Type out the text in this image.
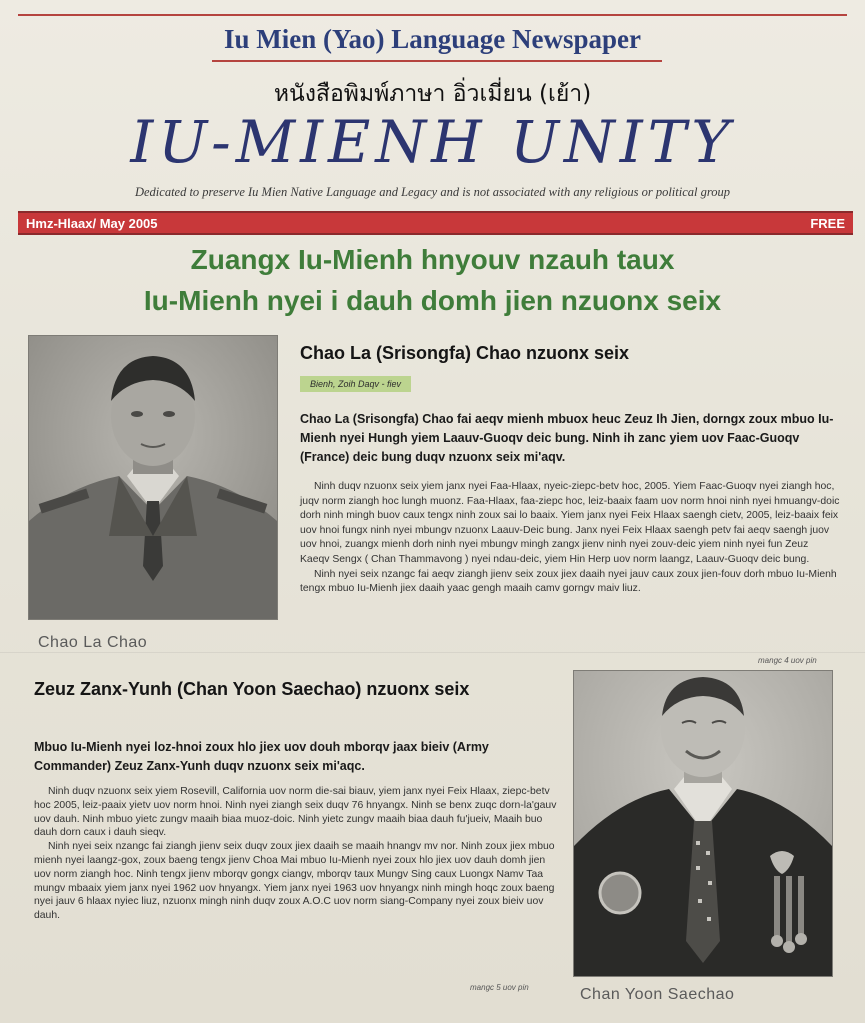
Iu Mien (Yao) Language Newspaper
หนังสือพิมพ์ภาษา อิ่วเมี่ยน (เย้า)
IU-MIENH UNITY
Dedicated to preserve Iu Mien Native Language and Legacy and is not associated with any religious or political group
Hmz-Hlaax/ May 2005	FREE
Zuangx Iu-Mienh hnyouv nzauh taux
Iu-Mienh nyei i dauh domh jien nzuonx seix
Chao La Chao
Chao La (Srisongfa) Chao nzuonx seix
Bienh, Zoih Daqv - fiev

Chao La (Srisongfa) Chao fai aeqv mienh mbuox heuc Zeuz Ih Jien, dorngx zoux mbuo Iu-Mienh nyei Hungh yiem Laauv-Guoqv deic bung. Ninh ih zanc yiem uov Faac-Guoqv (France) deic bung duqv nzuonx seix mi'aqv.

Ninh duqv nzuonx seix yiem janx nyei Faa-Hlaax, nyeic-ziepc-betv hoc, 2005. Yiem Faac-Guoqv nyei ziangh hoc, juqv norm ziangh hoc lungh muonz. Faa-Hlaax, faa-ziepc hoc, leiz-baaix faam uov norm hnoi ninh nyei hmuangv-doic dorh ninh mingh buov caux tengx ninh zoux sai lo baaix. Yiem janx nyei Feix Hlaax saengh cietv, 2005, leiz-baaix feix uov hnoi fungx ninh nyei mbungv nzuonx Laauv-Deic bung. Janx nyei Feix Hlaax saengh petv fai aeqv saengh juov uov hnoi, zuangx mienh dorh ninh nyei mbungv mingh zangx jienv ninh nyei zouv-deic yiem ninh nyei fun Zeuz Kaeqv Sengx ( Chan Thammavong ) nyei ndau-deic, yiem Hin Herp uov norm laangz, Laauv-Guoqv deic bung.

Ninh nyei seix nzangc fai aeqv ziangh jienv seix zoux jiex daaih nyei jauv caux zoux jien-fouv dorh mbuo Iu-Mienh tengx mbuo Iu-Mienh jiex daaih yaac gengh maaih camv gorngv maiv liuz.

mangc 4 uov pin

Zeuz Zanx-Yunh (Chan Yoon Saechao) nzuonx seix

Mbuo Iu-Mienh nyei loz-hnoi zoux hlo jiex uov douh mborqv jaax bieiv (Army Commander) Zeuz Zanx-Yunh duqv nzuonx seix mi'aqc.

Ninh duqv nzuonx seix yiem Rosevill, California uov norm die-sai biauv, yiem janx nyei Feix Hlaax, ziepc-betv hoc 2005, leiz-paaix yietv uov norm hnoi. Ninh nyei ziangh seix duqv 76 hnyangx. Ninh se benx zuqc dorn-la'gauv uov dauh. Ninh mbuo yietc zungv maaih biaa muoz-doic. Ninh yietc zungv maaih biaa dauh fu'jueiv, Maaih buo dauh dorn caux i dauh sieqv.

Ninh nyei seix nzangc fai ziangh jienv seix duqv zoux jiex daaih se maaih hnangv mv nor. Ninh zoux jiex mbuo mienh nyei laangz-gox, zoux baeng tengx jienv Choa Mai mbuo Iu-Mienh nyei zoux hlo jiex uov dauh domh jien uov norm ziangh hoc. Ninh tengx jienv mborqv gongx ciangv, mborqv taux Mungv Sing caux Luongx Namv Taa mungv mbaaix yiem janx nyei 1962 uov hnyangx. Yiem janx nyei 1963 uov hnyangx ninh mingh hoqc zoux baeng nyei jauv 6 hlaax nyiec liuz, nzuonx mingh ninh duqv zoux A.O.C uov norm siang-Company nyei zoux bieiv uov dauh.

mangc 5 uov pin	Chan Yoon Saechao
